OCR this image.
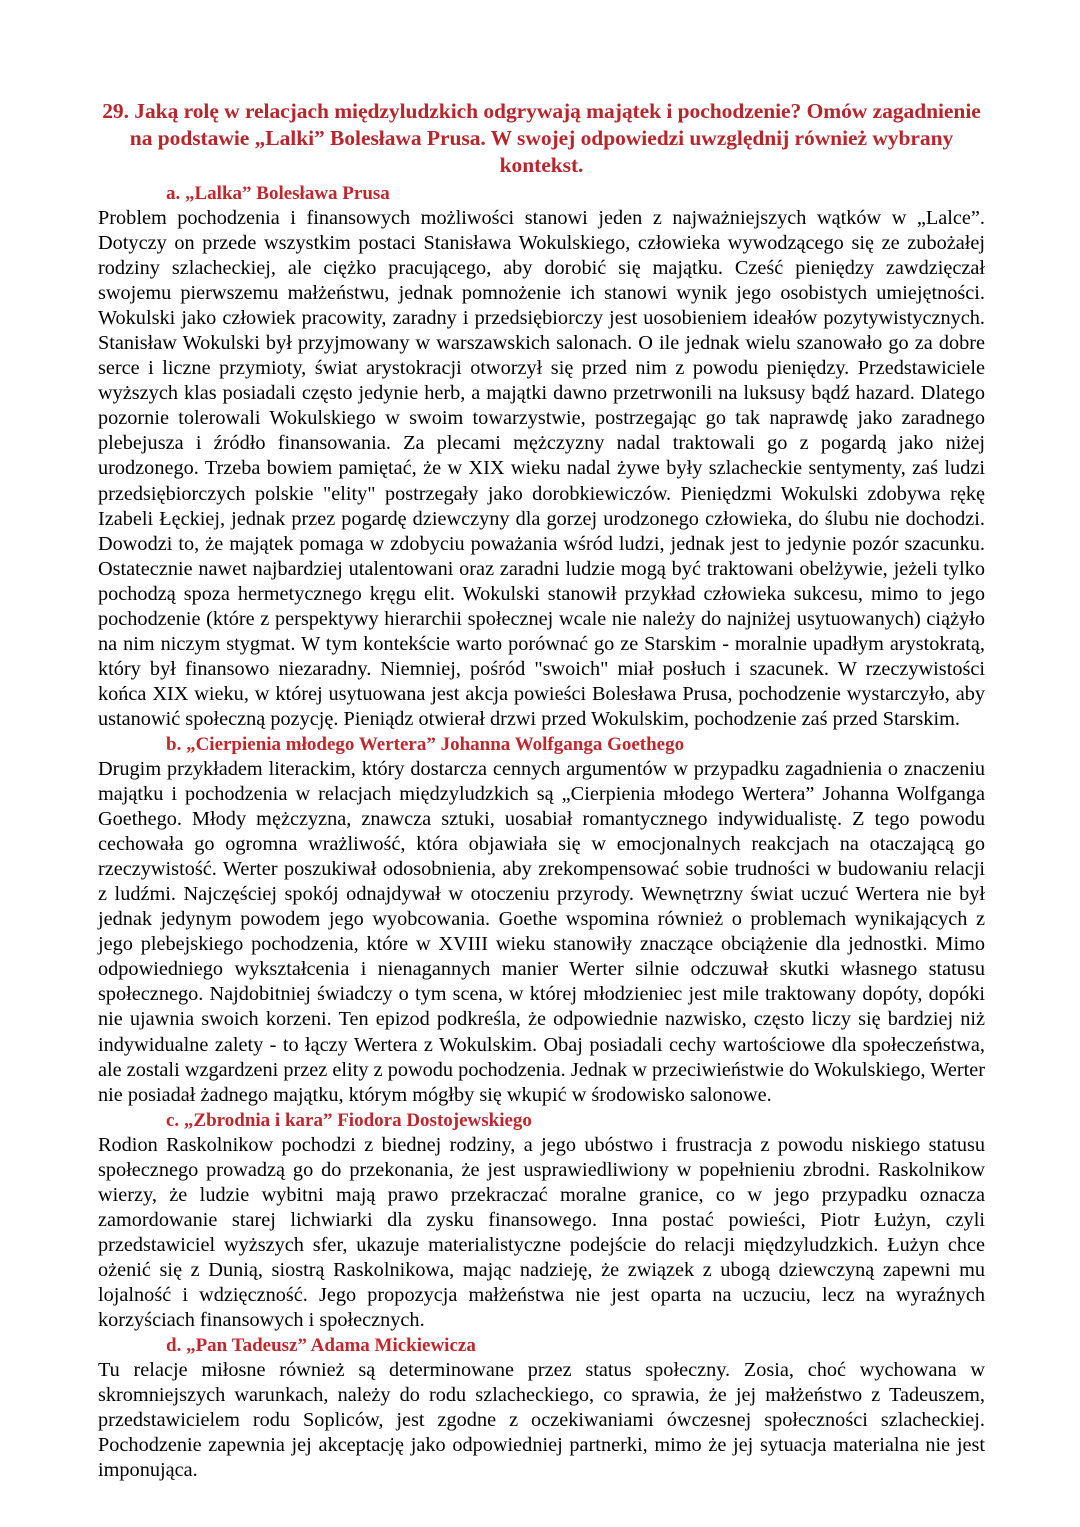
29. Jaką rolę w relacjach międzyludzkich odgrywają majątek i pochodzenie? Omów zagadnienie na podstawie „Lalki” Bolesława Prusa. W swojej odpowiedzi uwzględnij również wybrany kontekst.
a. „Lalka” Bolesława Prusa

Problem pochodzenia i finansowych możliwości stanowi jeden z najważniejszych wątków w „Lalce”. Dotyczy on przede wszystkim postaci Stanisława Wokulskiego, człowieka wywodzącego się ze zubożałej rodziny szlacheckiej, ale ciężko pracującego, aby dorobić się majątku. Cześć pieniędzy zawdzięczał swojemu pierwszemu małżeństwu, jednak pomnożenie ich stanowi wynik jego osobistych umiejętności. Wokulski jako człowiek pracowity, zaradny i przedsiębiorczy jest uosobieniem ideałów pozytywistycznych. Stanisław Wokulski był przyjmowany w warszawskich salonach. O ile jednak wielu szanowało go za dobre serce i liczne przymioty, świat arystokracji otworzył się przed nim z powodu pieniędzy. Przedstawiciele wyższych klas posiadali często jedynie herb, a majątki dawno przetrwonili na luksusy bądź hazard. Dlatego pozornie tolerowali Wokulskiego w swoim towarzystwie, postrzegając go tak naprawdę jako zaradnego plebejusza i źródło finansowania. Za plecami mężczyzny nadal traktowali go z pogardą jako niżej urodzonego. Trzeba bowiem pamiętać, że w XIX wieku nadal żywe były szlacheckie sentymenty, zaś ludzi przedsiębiorczych polskie "elity" postrzegały jako dorobkiewiczów. Pieniędzmi Wokulski zdobywa rękę Izabeli Łęckiej, jednak przez pogardę dziewczyny dla gorzej urodzonego człowieka, do ślubu nie dochodzi. Dowodzi to, że majątek pomaga w zdobyciu poważania wśród ludzi, jednak jest to jedynie pozór szacunku. Ostatecznie nawet najbardziej utalentowani oraz zaradni ludzie mogą być traktowani obelżywie, jeżeli tylko pochodzą spoza hermetycznego kręgu elit. Wokulski stanowił przykład człowieka sukcesu, mimo to jego pochodzenie (które z perspektywy hierarchii społecznej wcale nie należy do najniżej usytuowanych) ciążyło na nim niczym stygmat. W tym kontekście warto porównać go ze Starskim - moralnie upadłym arystokratą, który był finansowo niezaradny. Niemniej, pośród "swoich" miał posłuch i szacunek. W rzeczywistości końca XIX wieku, w której usytuowana jest akcja powieści Bolesława Prusa, pochodzenie wystarczyło, aby ustanowić społeczną pozycję. Pieniądz otwierał drzwi przed Wokulskim, pochodzenie zaś przed Starskim.

b. „Cierpienia młodego Wertera” Johanna Wolfganga Goethego

Drugim przykładem literackim, który dostarcza cennych argumentów w przypadku zagadnienia o znaczeniu majątku i pochodzenia w relacjach międzyludzkich są „Cierpienia młodego Wertera” Johanna Wolfganga Goethego. Młody mężczyzna, znawcza sztuki, uosabiał romantycznego indywidualistę. Z tego powodu cechowała go ogromna wrażliwość, która objawiała się w emocjonalnych reakcjach na otaczającą go rzeczywistość. Werter poszukiwał odosobnienia, aby zrekompensować sobie trudności w budowaniu relacji z ludźmi. Najczęściej spokój odnajdywał w otoczeniu przyrody. Wewnętrzny świat uczuć Wertera nie był jednak jedynym powodem jego wyobcowania. Goethe wspomina również o problemach wynikających z jego plebejskiego pochodzenia, które w XVIII wieku stanowiły znaczące obciążenie dla jednostki. Mimo odpowiedniego wykształcenia i nienagannych manier Werter silnie odczuwał skutki własnego statusu społecznego. Najdobitniej świadczy o tym scena, w której młodzieniec jest mile traktowany dopóty, dopóki nie ujawnia swoich korzeni. Ten epizod podkreśla, że odpowiednie nazwisko, często liczy się bardziej niż indywidualne zalety - to łączy Wertera z Wokulskim. Obaj posiadali cechy wartościowe dla społeczeństwa, ale zostali wzgardzeni przez elity z powodu pochodzenia. Jednak w przeciwieństwie do Wokulskiego, Werter nie posiadał żadnego majątku, którym mógłby się wkupić w środowisko salonowe.

c. „Zbrodnia i kara” Fiodora Dostojewskiego

Rodion Raskolnikow pochodzi z biednej rodziny, a jego ubóstwo i frustracja z powodu niskiego statusu społecznego prowadzą go do przekonania, że jest usprawiedliwiony w popełnieniu zbrodni. Raskolnikow wierzy, że ludzie wybitni mają prawo przekraczać moralne granice, co w jego przypadku oznacza zamordowanie starej lichwiarki dla zysku finansowego. Inna postać powieści, Piotr Łużyn, czyli przedstawiciel wyższych sfer, ukazuje materialistyczne podejście do relacji międzyludzkich. Łużyn chce ożenić się z Dunią, siostrą Raskolnikowa, mając nadzieję, że związek z ubogą dziewczyną zapewni mu lojalność i wdzięczność. Jego propozycja małżeństwa nie jest oparta na uczuciu, lecz na wyraźnych korzyściach finansowych i społecznych.

d. „Pan Tadeusz” Adama Mickiewicza

Tu relacje miłosne również są determinowane przez status społeczny. Zosia, choć wychowana w skromniejszych warunkach, należy do rodu szlacheckiego, co sprawia, że jej małżeństwo z Tadeuszem, przedstawicielem rodu Sopliców, jest zgodne z oczekiwaniami ówczesnej społeczności szlacheckiej. Pochodzenie zapewnia jej akceptację jako odpowiedniej partnerki, mimo że jej sytuacja materialna nie jest imponująca.
